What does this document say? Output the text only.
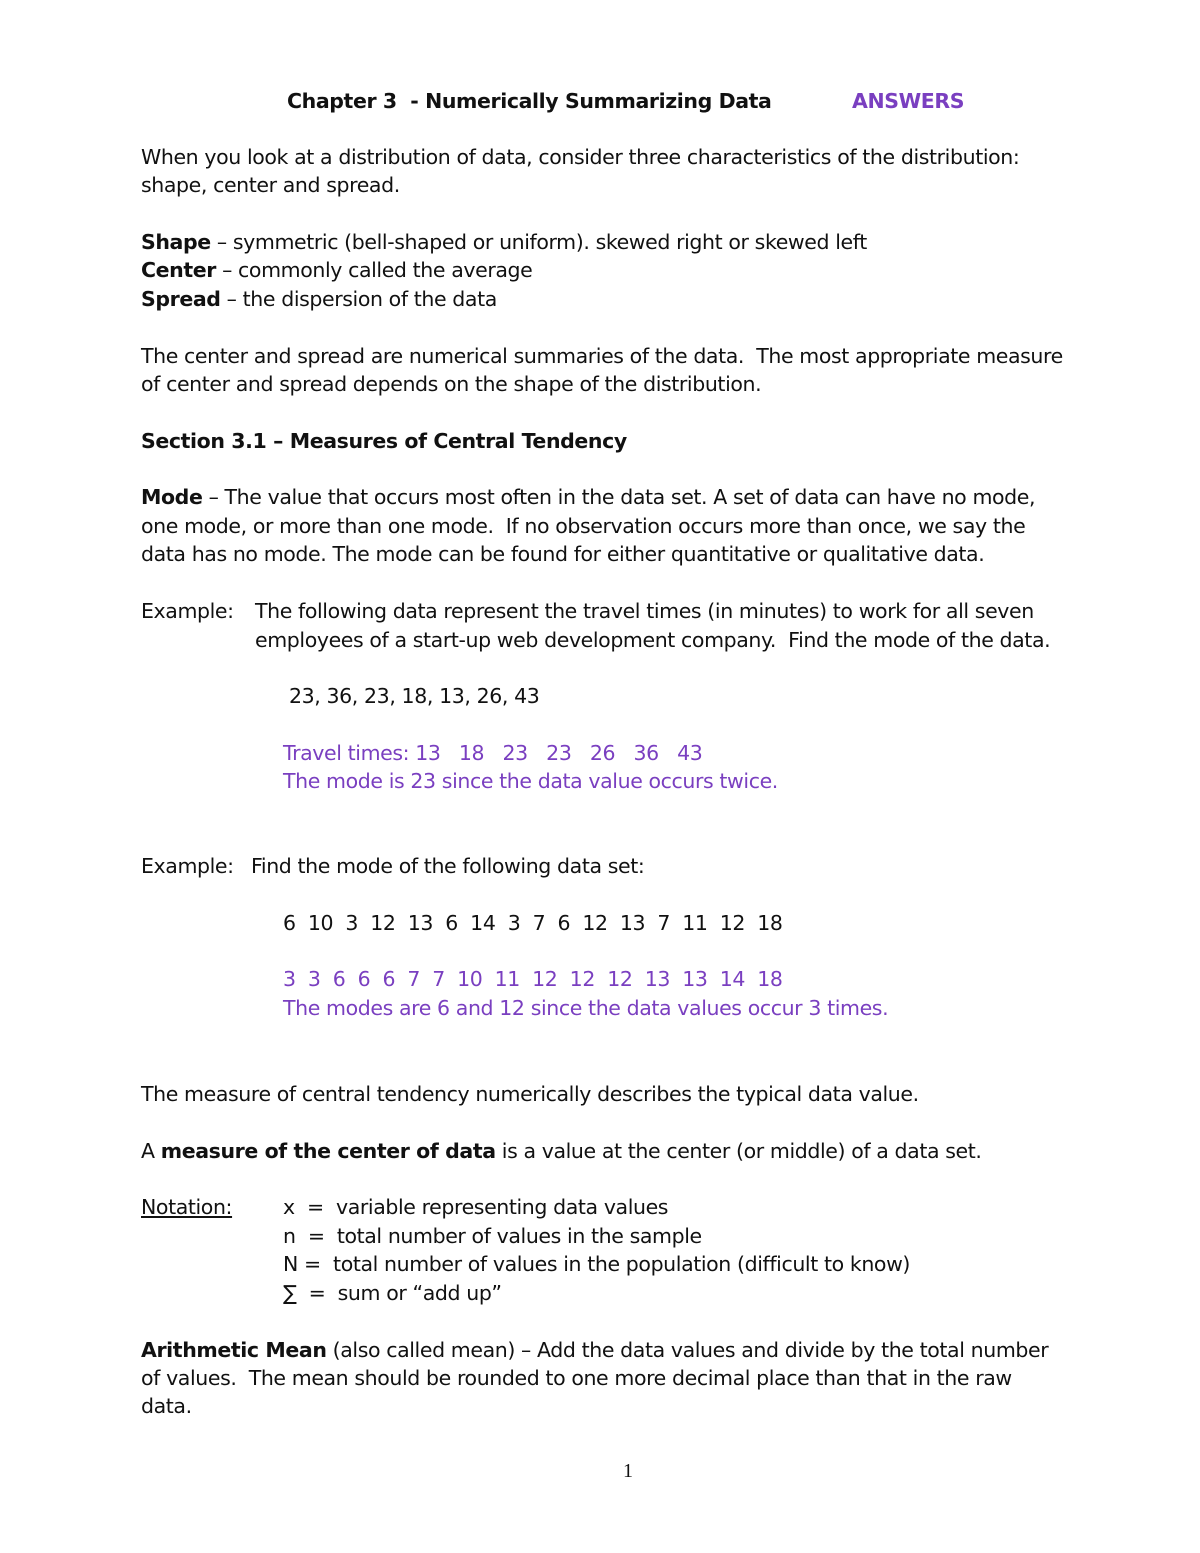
Chapter 3  - Numerically Summarizing Data	ANSWERS
When you look at a distribution of data, consider three characteristics of the distribution:
shape, center and spread.
Shape – symmetric (bell-shaped or uniform). skewed right or skewed left
Center – commonly called the average
Spread – the dispersion of the data
The center and spread are numerical summaries of the data.  The most appropriate measure
of center and spread depends on the shape of the distribution.
Section 3.1 – Measures of Central Tendency
Mode – The value that occurs most often in the data set. A set of data can have no mode,
one mode, or more than one mode.  If no observation occurs more than once, we say the
data has no mode. The mode can be found for either quantitative or qualitative data.
Example: The following data represent the travel times (in minutes) to work for all seven
employees of a start-up web development company.  Find the mode of the data.
23, 36, 23, 18, 13, 26, 43
Travel times: 13   18   23   23   26   36   43
The mode is 23 since the data value occurs twice.
Example: Find the mode of the following data set:
6  10  3  12  13  6  14  3  7  6  12  13  7  11  12  18
3  3  6  6  6  7  7  10  11  12  12  12  13  13  14  18
The modes are 6 and 12 since the data values occur 3 times.
The measure of central tendency numerically describes the typical data value.
A measure of the center of data is a value at the center (or middle) of a data set.
Notation: x  =  variable representing data values
n  =  total number of values in the sample
N =  total number of values in the population (difficult to know)
∑  =  sum or “add up”
Arithmetic Mean (also called mean) – Add the data values and divide by the total number
of values.  The mean should be rounded to one more decimal place than that in the raw
data.
1
